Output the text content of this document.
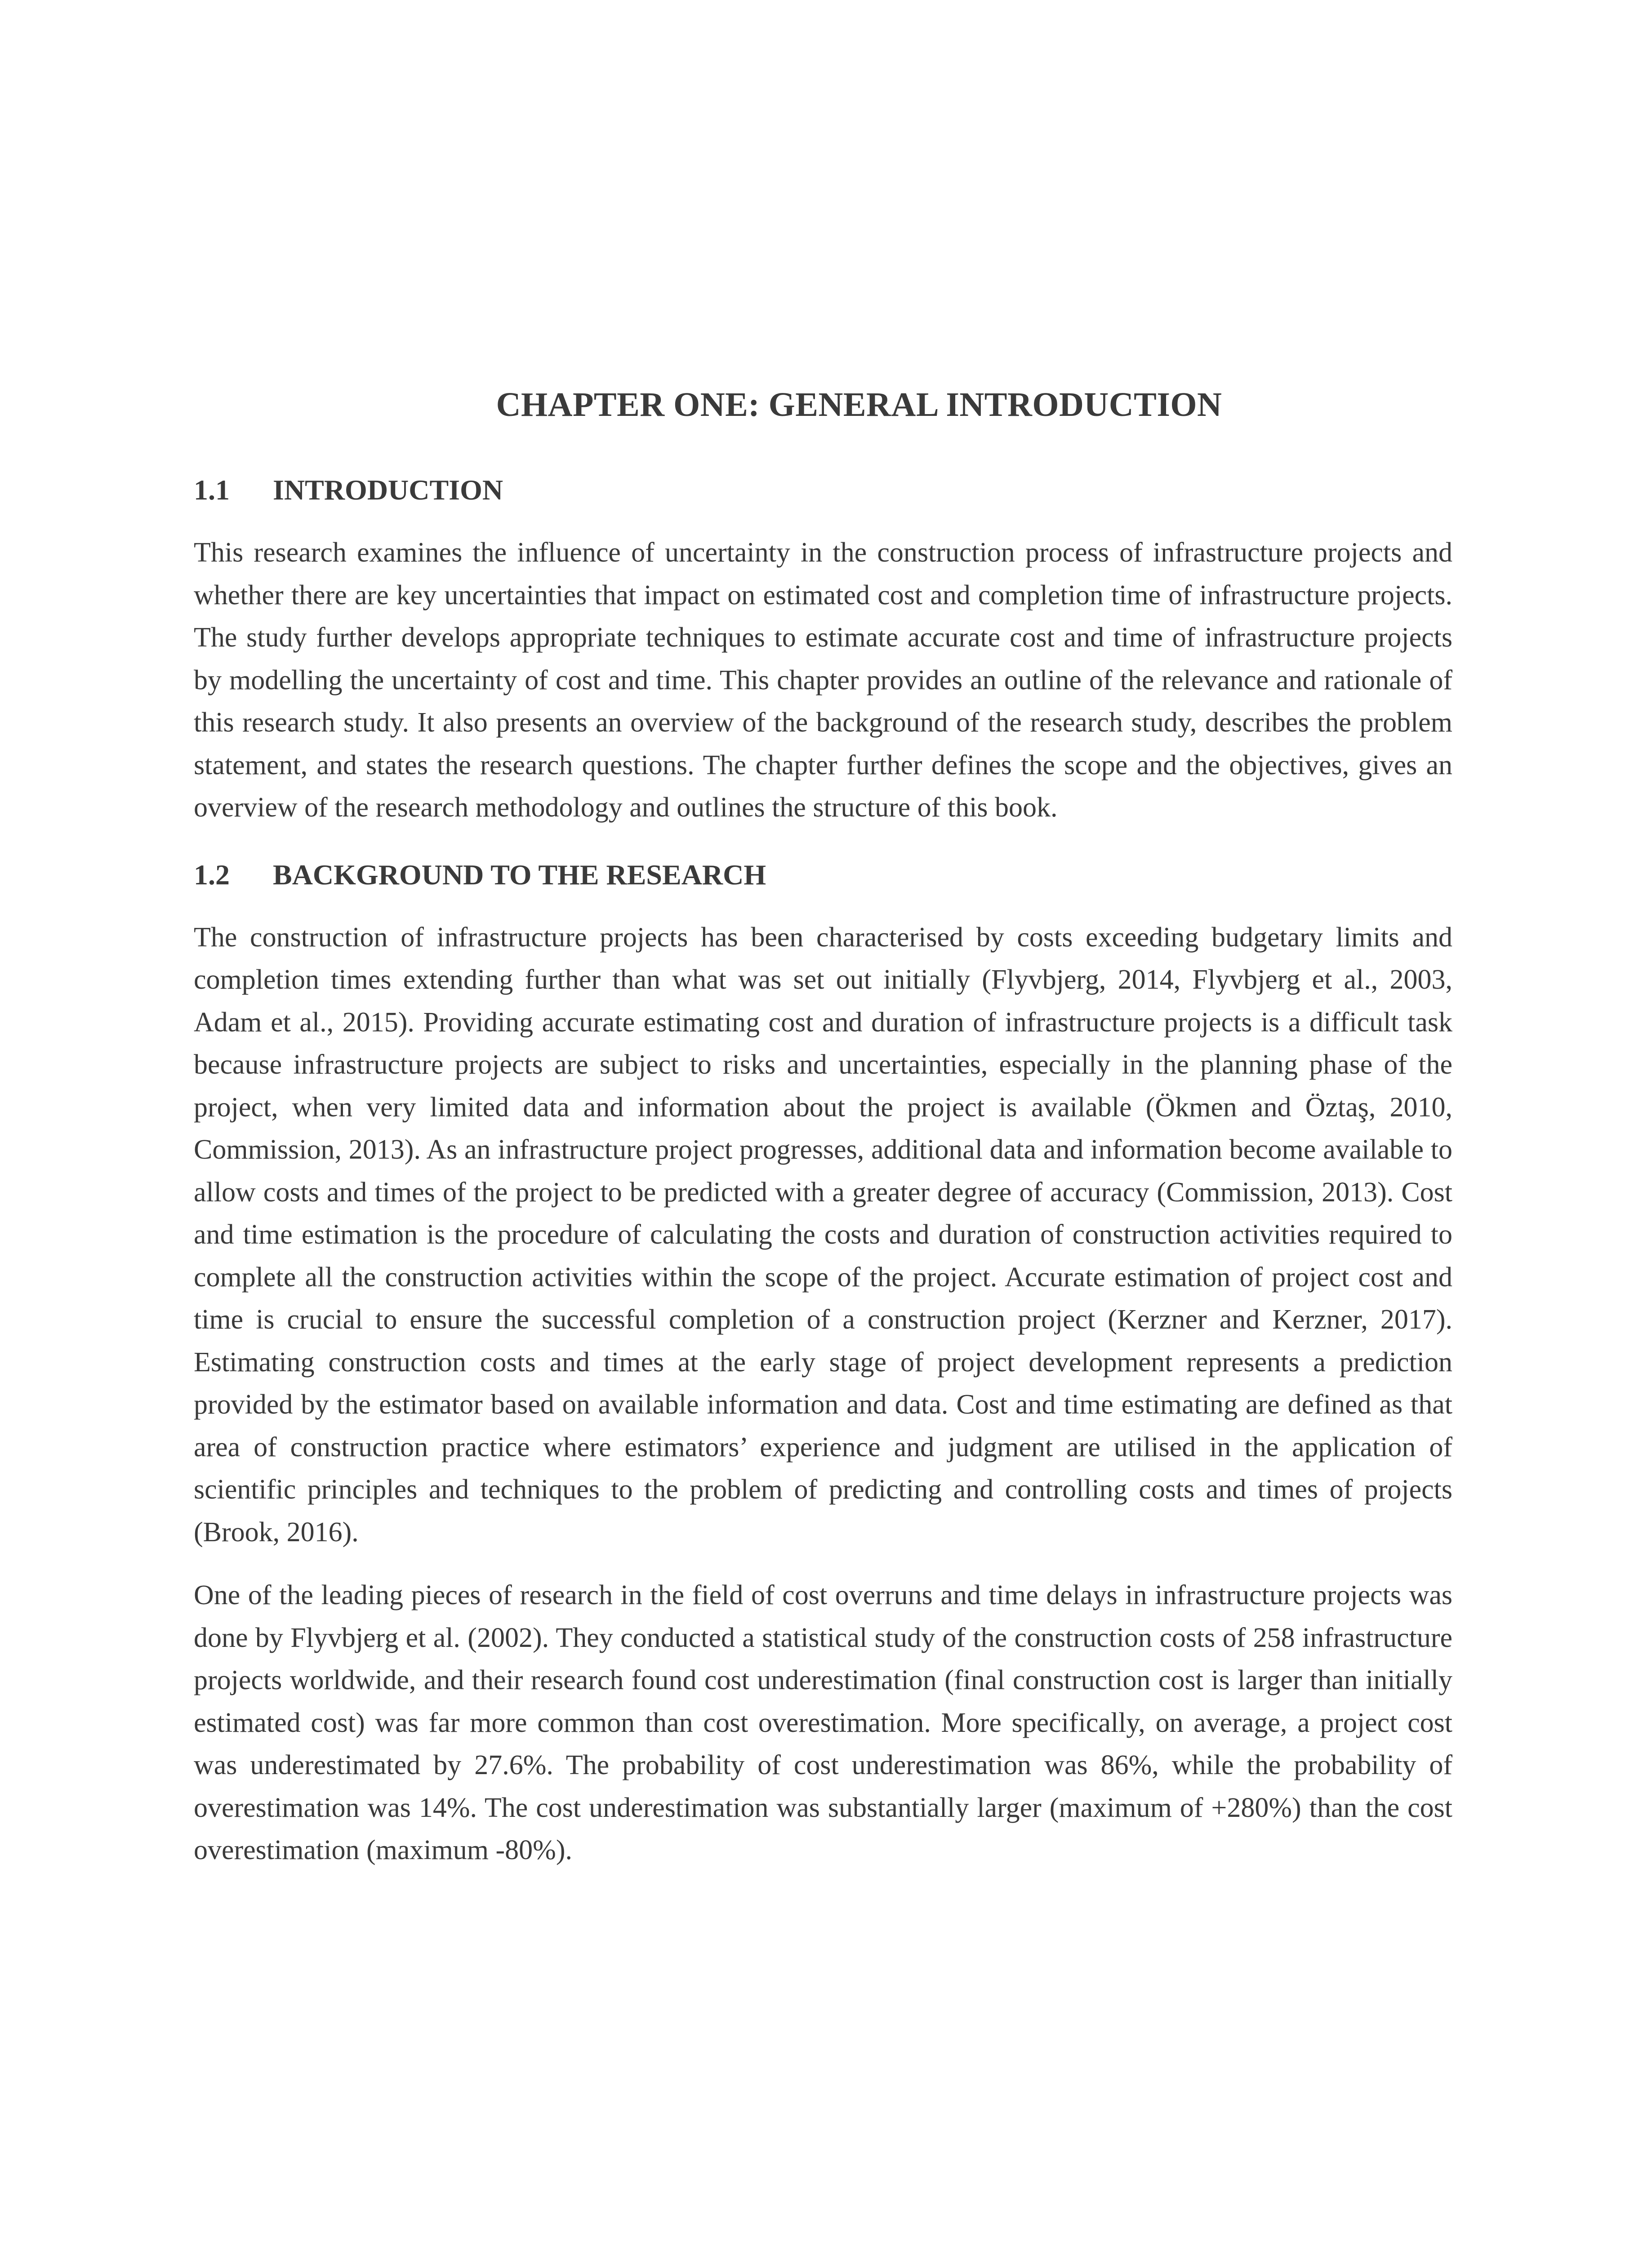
CHAPTER ONE: GENERAL INTRODUCTION
1.1	INTRODUCTION

This research examines the influence of uncertainty in the construction process of infrastructure projects and whether there are key uncertainties that impact on estimated cost and completion time of infrastructure projects. The study further develops appropriate techniques to estimate accurate cost and time of infrastructure projects by modelling the uncertainty of cost and time. This chapter provides an outline of the relevance and rationale of this research study. It also presents an overview of the background of the research study, describes the problem statement, and states the research questions. The chapter further defines the scope and the objectives, gives an overview of the research methodology and outlines the structure of this book.

1.2	BACKGROUND TO THE RESEARCH

The construction of infrastructure projects has been characterised by costs exceeding budgetary limits and completion times extending further than what was set out initially (Flyvbjerg, 2014, Flyvbjerg et al., 2003, Adam et al., 2015). Providing accurate estimating cost and duration of infrastructure projects is a difficult task because infrastructure projects are subject to risks and uncertainties, especially in the planning phase of the project, when very limited data and information about the project is available (Ökmen and Öztaş, 2010, Commission, 2013). As an infrastructure project progresses, additional data and information become available to allow costs and times of the project to be predicted with a greater degree of accuracy (Commission, 2013). Cost and time estimation is the procedure of calculating the costs and duration of construction activities required to complete all the construction activities within the scope of the project. Accurate estimation of project cost and time is crucial to ensure the successful completion of a construction project (Kerzner and Kerzner, 2017). Estimating construction costs and times at the early stage of project development represents a prediction provided by the estimator based on available information and data. Cost and time estimating are defined as that area of construction practice where estimators’ experience and judgment are utilised in the application of scientific principles and techniques to the problem of predicting and controlling costs and times of projects (Brook, 2016).

One of the leading pieces of research in the field of cost overruns and time delays in infrastructure projects was done by Flyvbjerg et al. (2002). They conducted a statistical study of the construction costs of 258 infrastructure projects worldwide, and their research found cost underestimation (final construction cost is larger than initially estimated cost) was far more common than cost overestimation. More specifically, on average, a project cost was underestimated by 27.6%. The probability of cost underestimation was 86%, while the probability of overestimation was 14%. The cost underestimation was substantially larger (maximum of +280%) than the cost overestimation (maximum -80%).
